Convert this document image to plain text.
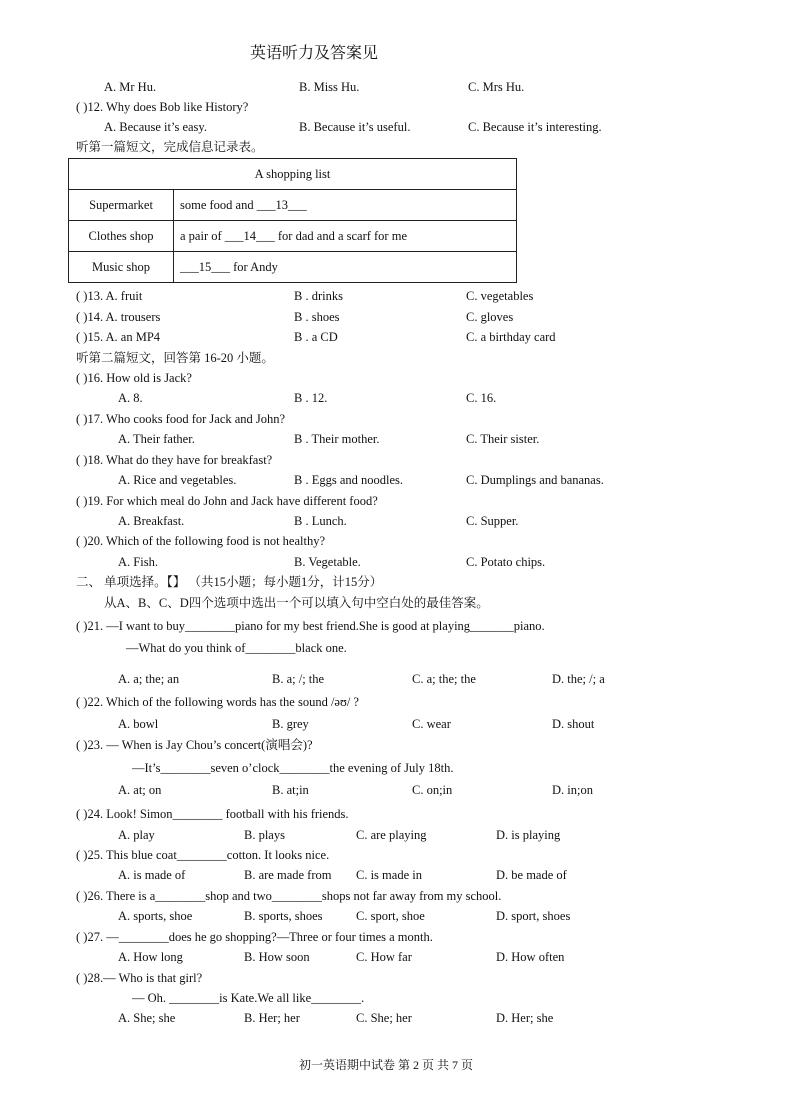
英语听力及答案见
A. Mr Hu.	B. Miss Hu.	C. Mrs Hu.
( )12. Why does Bob like History?
A. Because it’s easy.	B. Because it’s useful.	C. Because it’s interesting.
听第一篇短文，完成信息记录表。
A shopping list	
Supermarket	some food and ___13___
Clothes shop	a pair of ___14___ for dad and a scarf for me
Music shop	___15___ for Andy
( )13. A. fruit	B . drinks	C. vegetables
( )14. A. trousers	B . shoes	C. gloves
( )15. A. an MP4	B . a CD	C. a birthday card
听第二篇短文，回答第 16-20 小题。
( )16. How old is Jack?
A. 8.	B . 12.	C. 16.
( )17. Who cooks food for Jack and John?
A. Their father.	B . Their mother.	C. Their sister.
( )18. What do they have for breakfast?
A. Rice and vegetables.	B . Eggs and noodles.	C. Dumplings and bananas.
( )19. For which meal do John and Jack have different food?
A. Breakfast.	B . Lunch.	C. Supper.
( )20. Which of the following food is not healthy?
A. Fish.	B. Vegetable.	C. Potato chips.
二、 单项选择。【】 （共15小题；每小题1分，计15分）
从A、B、C、D四个选项中选出一个可以填入句中空白处的最佳答案。
( )21. —I want to buy________piano for my best friend.She is good at playing_______piano.
—What do you think of________black one.
A. a; the; an	B. a; /; the	C. a; the; the	D. the; /; a
( )22. Which of the following words has the sound /əʊ/ ?
A. bowl	B. grey	C. wear	D. shout
( )23. — When is Jay Chou’s concert(演唱会)?
—It’s________seven o’clock________the evening of July 18th.
A. at; on	B. at;in	C. on;in	D. in;on
( )24. Look! Simon________ football with his friends.
A. play	B. plays	C. are playing	D. is playing
( )25. This blue coat________cotton. It looks nice.
A. is made of	B. are made from C. is made in	D. be made of
( )26. There is a________shop and two________shops not far away from my school.
A. sports, shoe	B. sports, shoes	C. sport, shoe	D. sport, shoes
( )27. —________does he go shopping?—Three or four times a month.
A. How long	B. How soon	C. How far	D. How often
( )28.— Who is that girl?
— Oh. ________is Kate.We all like________.
A. She; she	B. Her; her	C. She; her	D. Her; she
初一英语期中试卷 第 2 页 共 7 页
